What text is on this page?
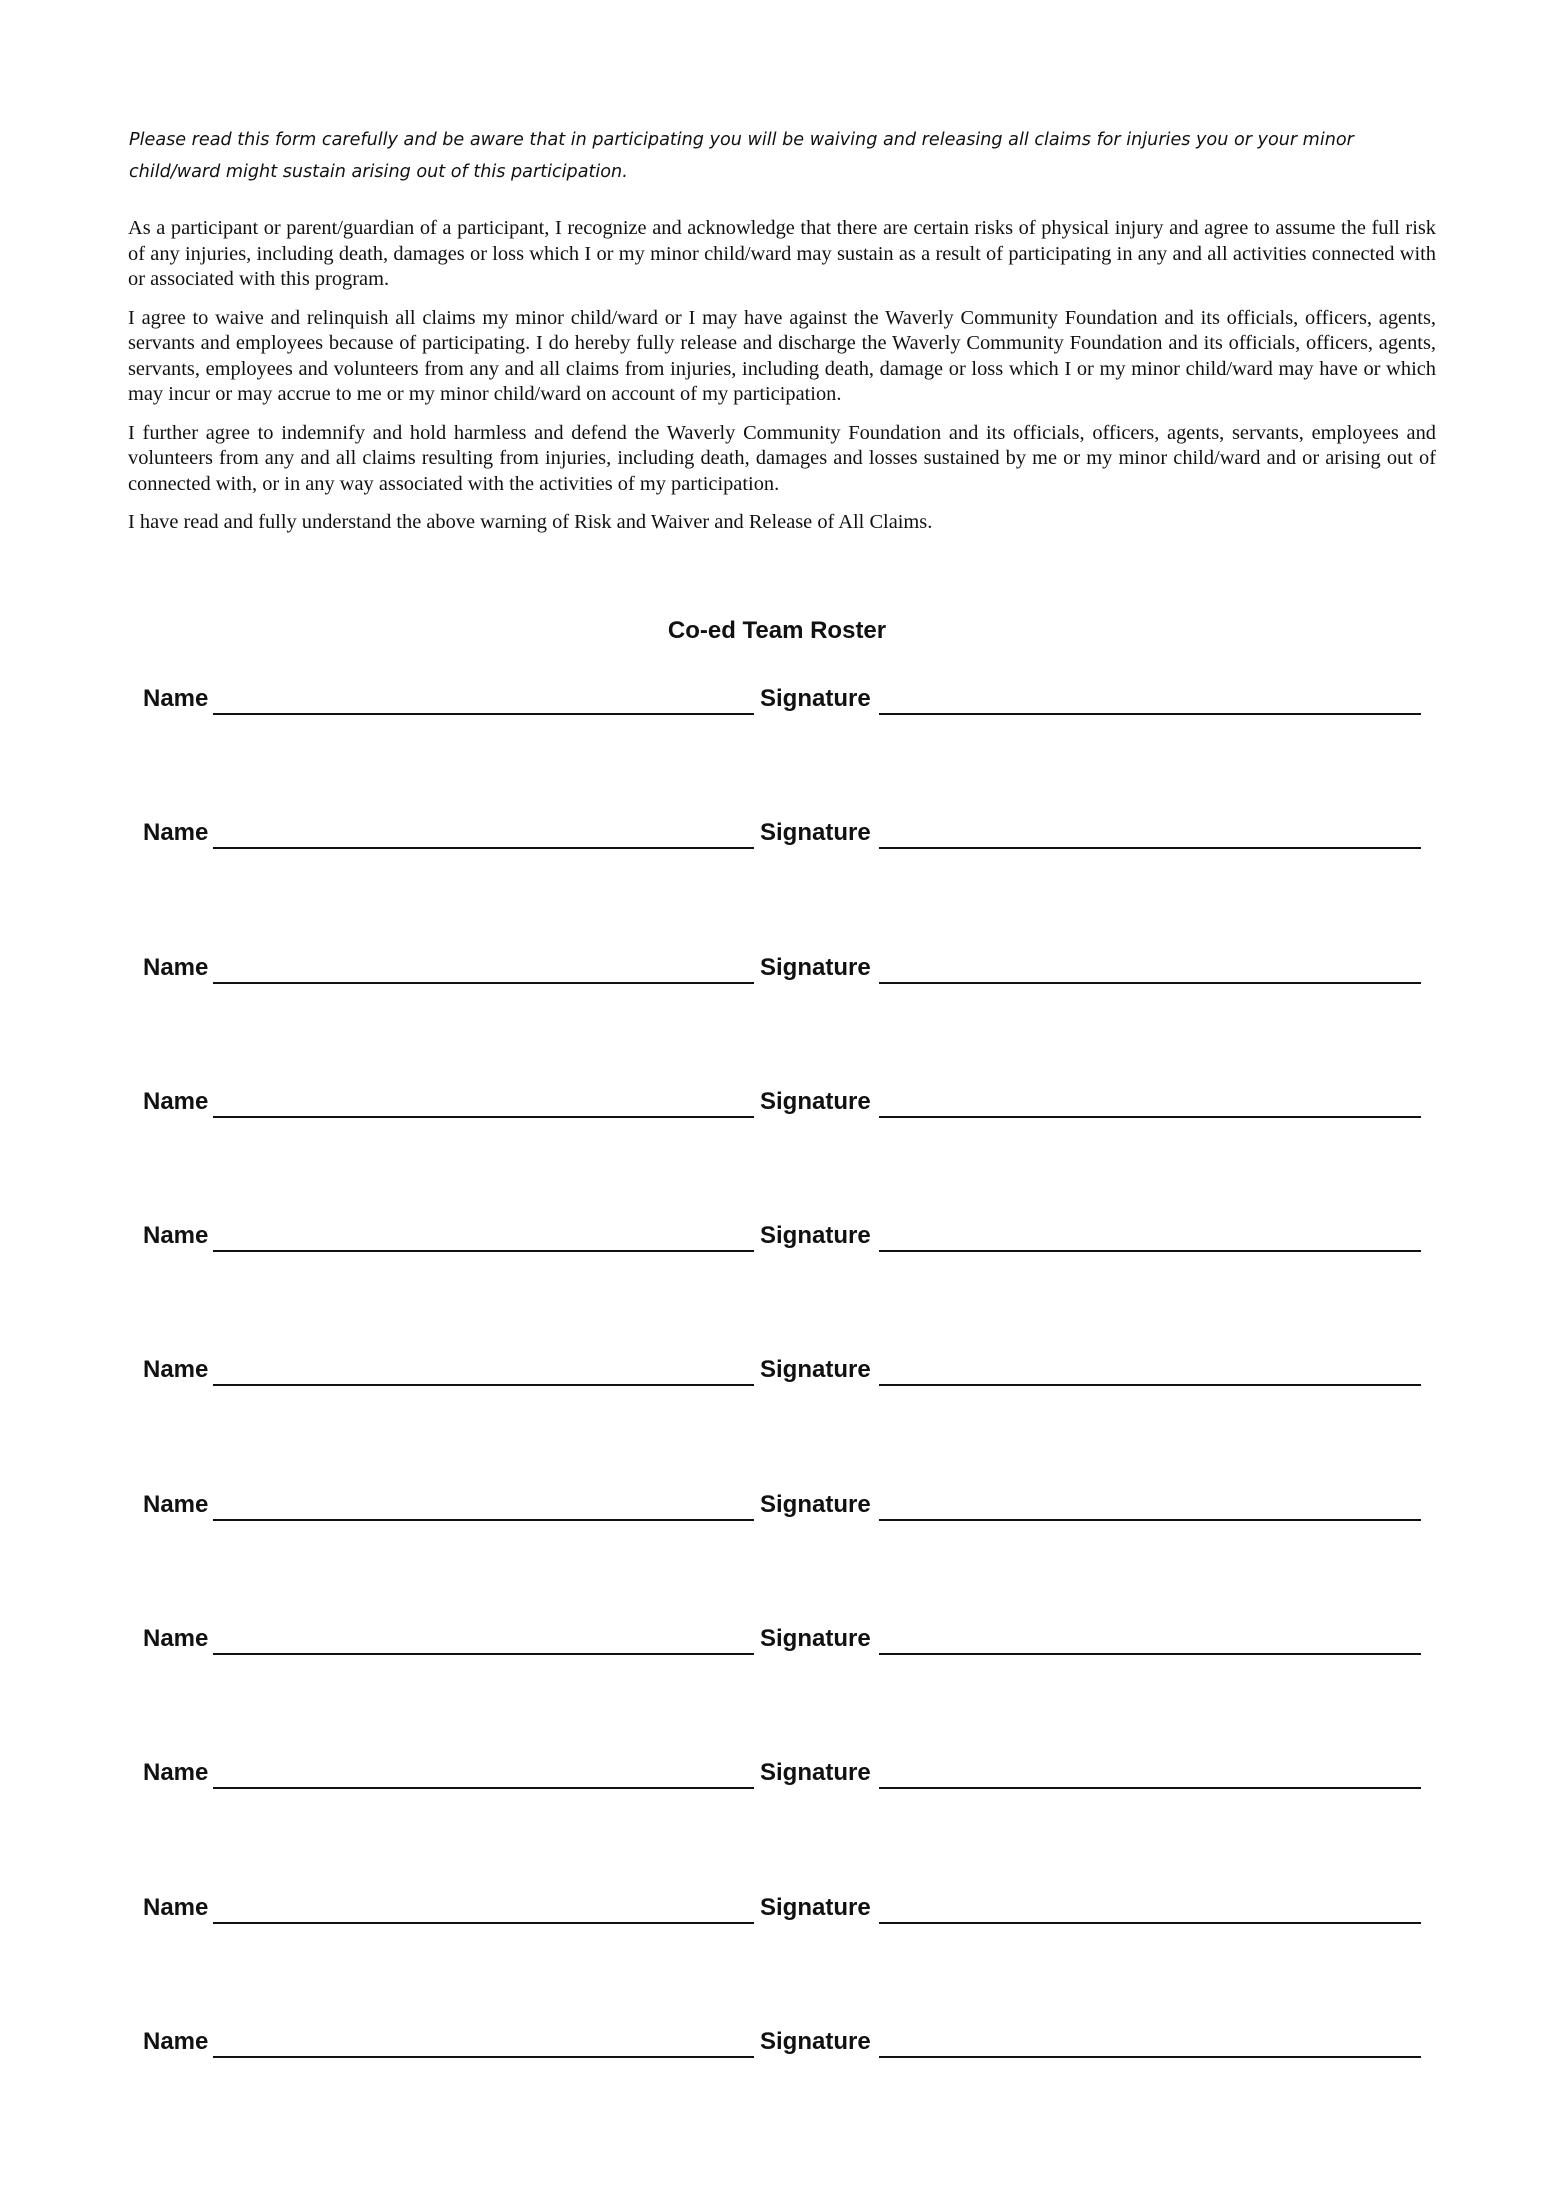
Please read this form carefully and be aware that in participating you will be waiving and releasing all claims for injuries you or your minor
child/ward might sustain arising out of this participation.

As a participant or parent/guardian of a participant, I recognize and acknowledge that there are certain risks of physical injury and agree to assume the full risk of any injuries, including death, damages or loss which I or my minor child/ward may sustain as a result of participating in any and all activities connected with or associated with this program.

I agree to waive and relinquish all claims my minor child/ward or I may have against the Waverly Community Foundation and its officials, officers, agents, servants and employees because of participating. I do hereby fully release and discharge the Waverly Community Foundation and its officials, officers, agents, servants, employees and volunteers from any and all claims from injuries, including death, damage or loss which I or my minor child/ward may have or which may incur or may accrue to me or my minor child/ward on account of my participation.

I further agree to indemnify and hold harmless and defend the Waverly Community Foundation and its officials, officers, agents, servants, employees and volunteers from any and all claims resulting from injuries, including death, damages and losses sustained by me or my minor child/ward and or arising out of connected with, or in any way associated with the activities of my participation.

I have read and fully understand the above warning of Risk and Waiver and Release of All Claims.

Co-ed Team Roster
Name	Signature
Name	Signature
Name	Signature
Name	Signature
Name	Signature
Name	Signature
Name	Signature
Name	Signature
Name	Signature
Name	Signature
Name	Signature
